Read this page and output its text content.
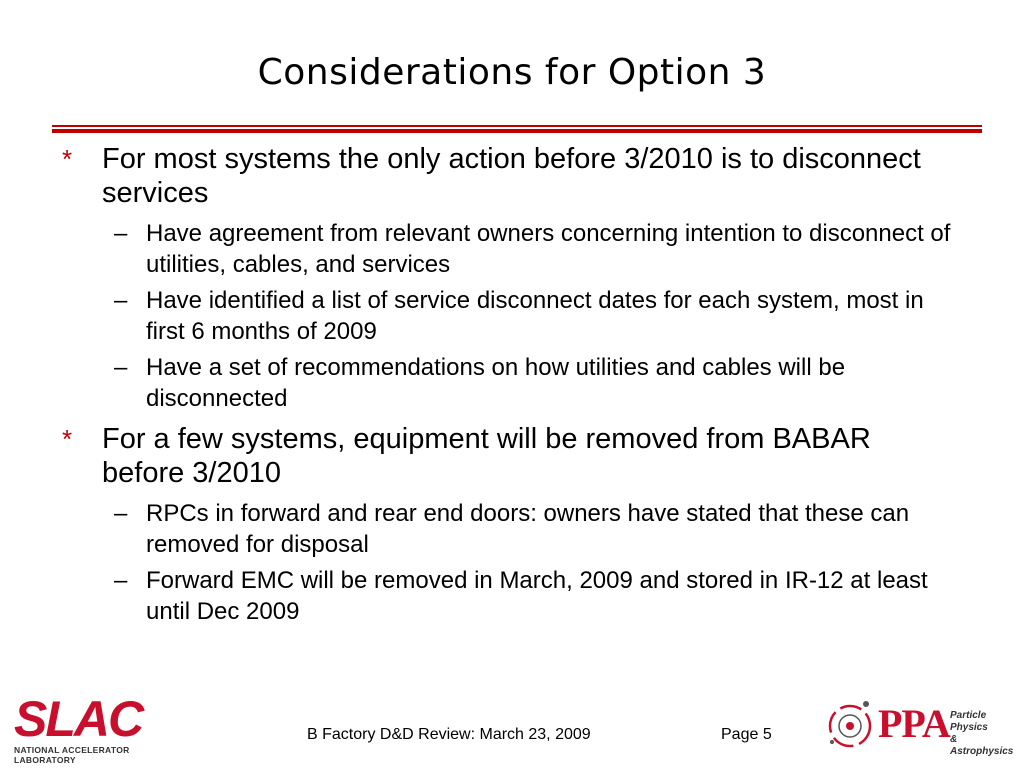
Considerations for Option 3
* For most systems the only action before 3/2010 is to disconnect services
– Have agreement from relevant owners concerning intention to disconnect of utilities, cables, and services
– Have identified a list of service disconnect dates for each system, most in first 6 months of 2009
– Have a set of recommendations on how utilities and cables will be disconnected
* For a few systems, equipment will be removed from BABAR before 3/2010
– RPCs in forward and rear end doors: owners have stated that these can removed for disposal
– Forward EMC will be removed in March, 2009 and stored in IR-12 at least until Dec 2009
SLAC
NATIONAL ACCELERATOR LABORATORY
B Factory D&D Review: March 23, 2009	Page 5	PPA Particle Physics
& Astrophysics
